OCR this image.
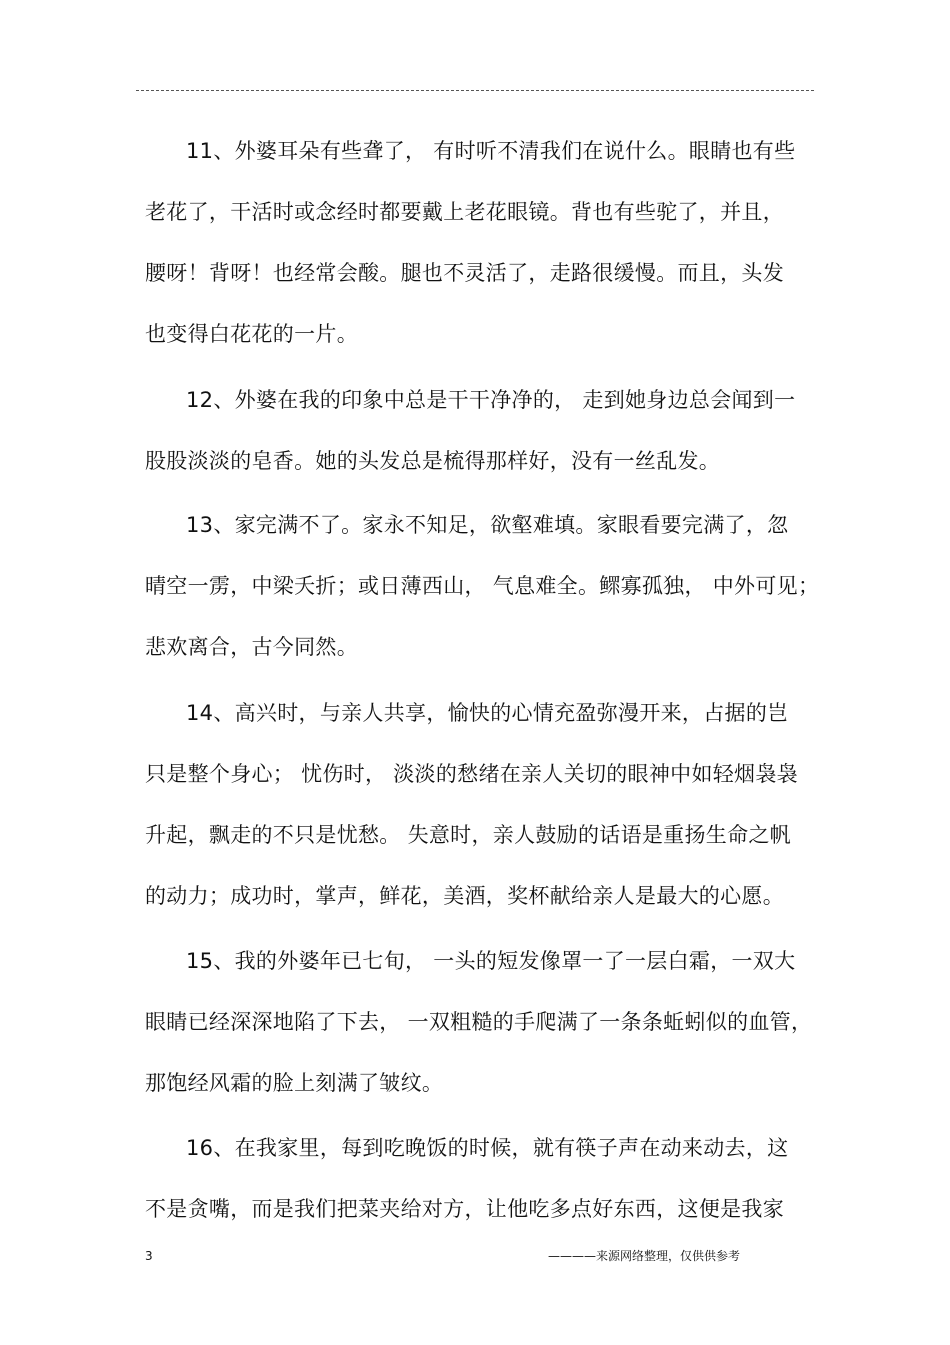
11、外婆耳朵有些聋了， 有时听不清我们在说什么。眼睛也有些
老花了，干活时或念经时都要戴上老花眼镜。背也有些驼了，并且，
腰呀！背呀！也经常会酸。腿也不灵活了，走路很缓慢。而且，头发
也变得白花花的一片。
12、外婆在我的印象中总是干干净净的， 走到她身边总会闻到一
股股淡淡的皂香。她的头发总是梳得那样好，没有一丝乱发。
13、家完满不了。家永不知足，欲壑难填。家眼看要完满了，忽
晴空一雳，中梁夭折；或日薄西山， 气息难全。鳏寡孤独， 中外可见；
悲欢离合，古今同然。
14、高兴时，与亲人共享，愉快的心情充盈弥漫开来，占据的岂
只是整个身心； 忧伤时， 淡淡的愁绪在亲人关切的眼神中如轻烟袅袅
升起，飘走的不只是忧愁。 失意时，亲人鼓励的话语是重扬生命之帆
的动力；成功时，掌声，鲜花，美酒，奖杯献给亲人是最大的心愿。
15、我的外婆年已七旬， 一头的短发像罩一了一层白霜，一双大
眼睛已经深深地陷了下去， 一双粗糙的手爬满了一条条蚯蚓似的血管，
那饱经风霜的脸上刻满了皱纹。
16、在我家里，每到吃晚饭的时候，就有筷子声在动来动去，这
不是贪嘴，而是我们把菜夹给对方，让他吃多点好东西，这便是我家
3	————来源网络整理，仅供供参考
